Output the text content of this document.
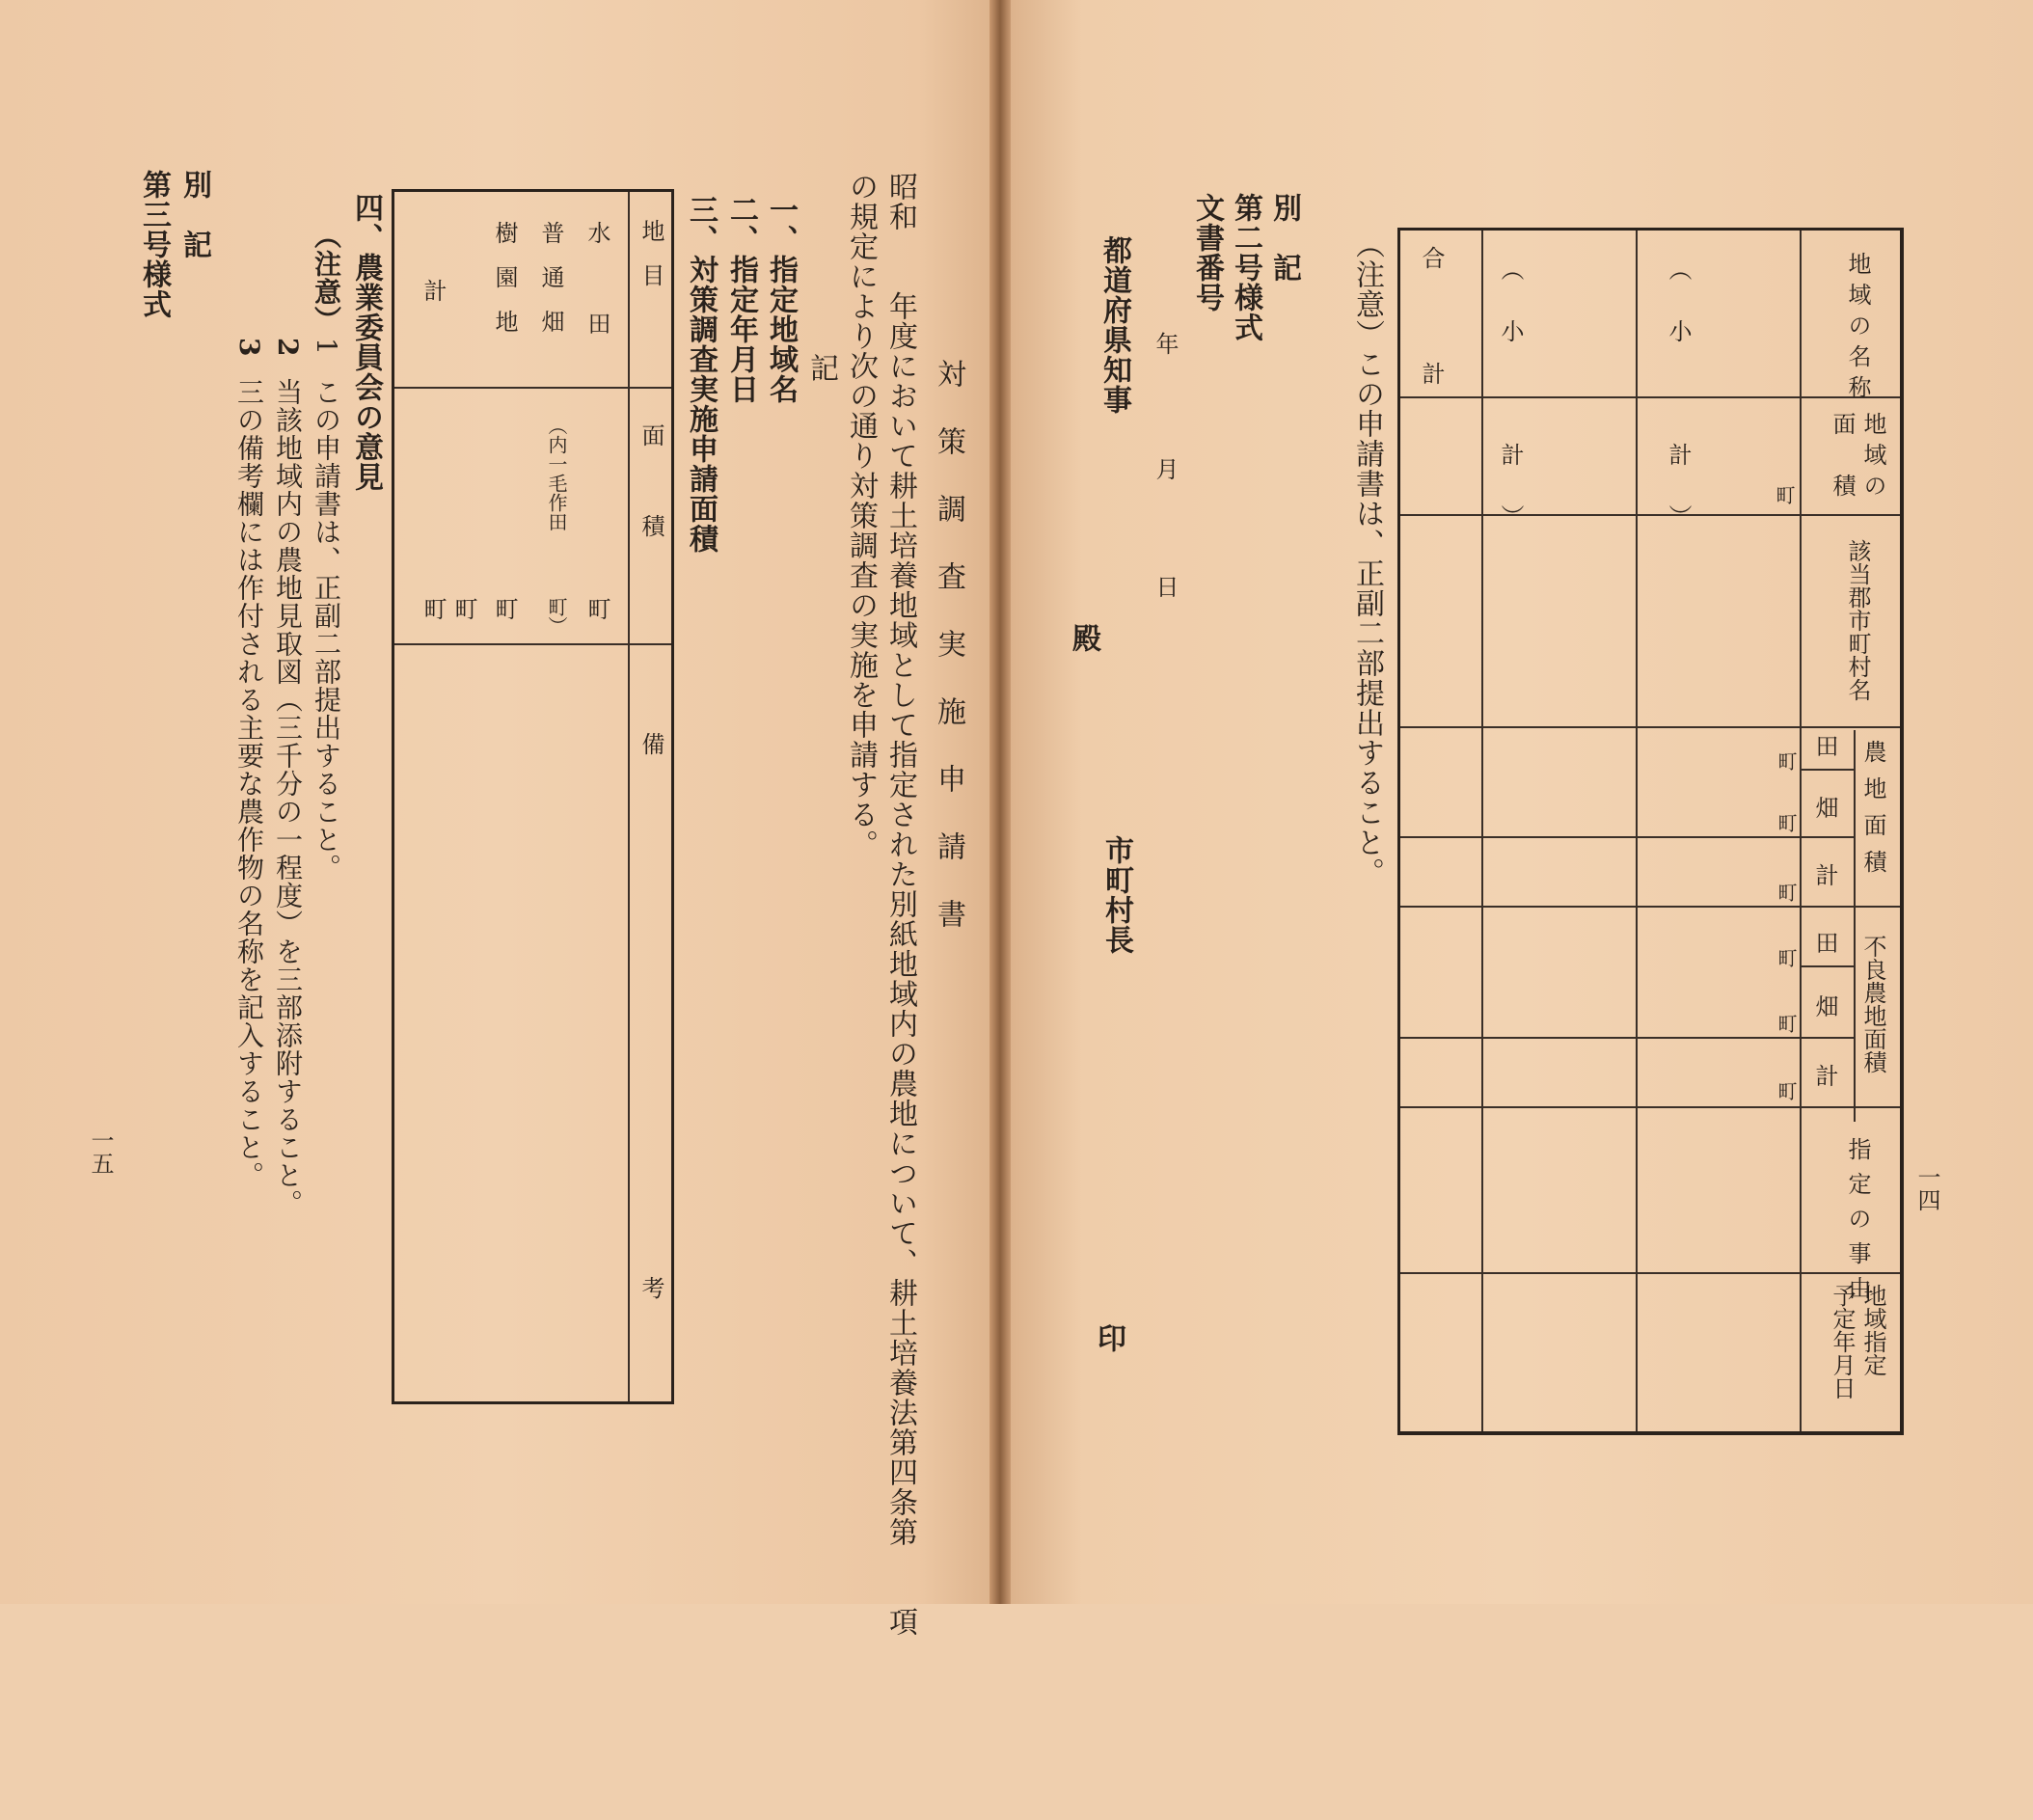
対策調査実施申請書
昭和　　年度において耕土培養地域として指定された別紙地域内の農地について、耕土培養法第四条第　　項
の規定により次の通り対策調査の実施を申請する。
記
一、指定地域名
二、指定年月日
三、対策調査実施申請面積
地目
面積
備考
水田
普通畑
樹園地
計
（内一毛作田
町
町）
町
町
町
四、農業委員会の意見
（注意）
1
この申請書は、正副二部提出すること。
2
当該地域内の農地見取図（三千分の一程度）を三部添附すること。
3
三の備考欄には作付される主要な農作物の名称を記入すること。
別　記
第三号様式
一五
地域の名称
地域の
面　積
該当郡市町村名
農地面積
不良農地面積
指定の事由
地域指定
予定年月日
田
畑
計
田
畑
計
町
町
町
町
町
町
町
（小　計）
（小　計）
合　計
（注意）この申請書は、正副二部提出すること。
別　記
第二号様式
文書番号
年
月
日
都道府県知事
殿
市町村長
印
一四
